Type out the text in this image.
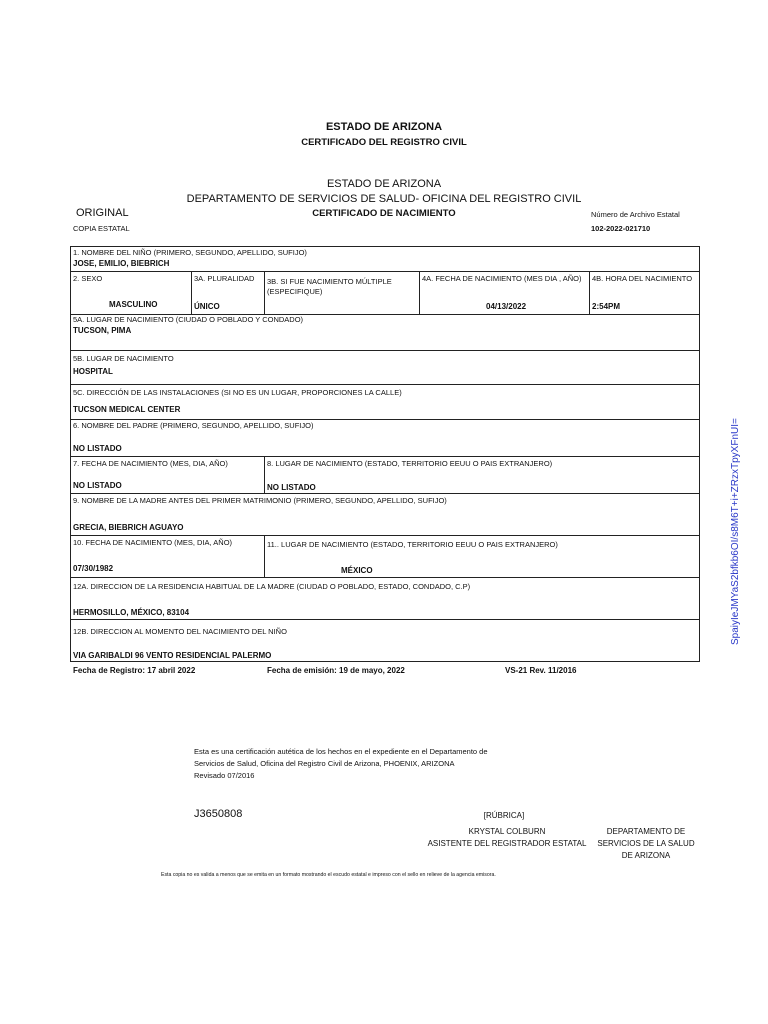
ESTADO DE ARIZONA
CERTIFICADO DEL REGISTRO CIVIL
ESTADO DE ARIZONA
DEPARTAMENTO DE SERVICIOS DE SALUD- OFICINA DEL REGISTRO CIVIL
ORIGINAL	CERTIFICADO DE NACIMIENTO	Número de Archivo Estatal
COPIA ESTATAL	102-2022-021710
1. NOMBRE DEL NIÑO (PRIMERO, SEGUNDO, APELLIDO, SUFIJO)
JOSE, EMILIO, BIEBRICH
2. SEXO
MASCULINO
3A. PLURALIDAD
ÚNICO
3B. SI FUE NACIMIENTO MÚLTIPLE (ESPECIFIQUE)
4A. FECHA DE NACIMIENTO (MES DIA , AÑO)
04/13/2022
4B. HORA DEL NACIMIENTO
2:54PM
5A. LUGAR DE NACIMIENTO (CIUDAD O POBLADO Y CONDADO)
TUCSON, PIMA
5B. LUGAR DE NACIMIENTO
HOSPITAL
5C. DIRECCIÓN DE LAS INSTALACIONES (SI NO ES UN LUGAR, PROPORCIONES LA CALLE)
TUCSON MEDICAL CENTER
6. NOMBRE DEL PADRE (PRIMERO, SEGUNDO, APELLIDO, SUFIJO)
NO LISTADO
7. FECHA DE NACIMIENTO (MES, DIA, AÑO)
NO LISTADO
8. LUGAR DE NACIMIENTO (ESTADO, TERRITORIO EEUU O PAIS EXTRANJERO)
NO LISTADO
9. NOMBRE DE LA MADRE ANTES DEL PRIMER MATRIMONIO (PRIMERO, SEGUNDO, APELLIDO, SUFIJO)
GRECIA, BIEBRICH AGUAYO
10. FECHA DE NACIMIENTO (MES, DIA, AÑO)
07/30/1982
11.. LUGAR DE NACIMIENTO (ESTADO, TERRITORIO EEUU O PAIS EXTRANJERO)
MÉXICO
12A. DIRECCION DE LA RESIDENCIA HABITUAL DE LA MADRE (CIUDAD O POBLADO, ESTADO, CONDADO, C.P)
HERMOSILLO, MÉXICO, 83104
12B. DIRECCION AL MOMENTO DEL NACIMIENTO DEL NIÑO
VIA GARIBALDI 96 VENTO RESIDENCIAL PALERMO
Fecha de Registro: 17 abril 2022	Fecha de emisión: 19 de mayo, 2022	VS-21 Rev. 11/2016
Esta es una certificación autética de los hechos en el expediente en el Departamento de
Servicios de Salud, Oficina del Registro Civil de Arizona, PHOENIX, ARIZONA
Revisado 07/2016
J3650808	[RÚBRICA]
KRYSTAL COLBURN
ASISTENTE DEL REGISTRADOR ESTATAL
DEPARTAMENTO DE
SERVICIOS DE LA SALUD
DE ARIZONA
Esta copia no es valida a menos que se emita en un formato mostrando el escudo estatal e impreso con el sello en relieve de la agencia emisora.
SpaiyIeJMYaS2bfkb6OI/s8M6T+i+ZRzxTpyXFnUI=
